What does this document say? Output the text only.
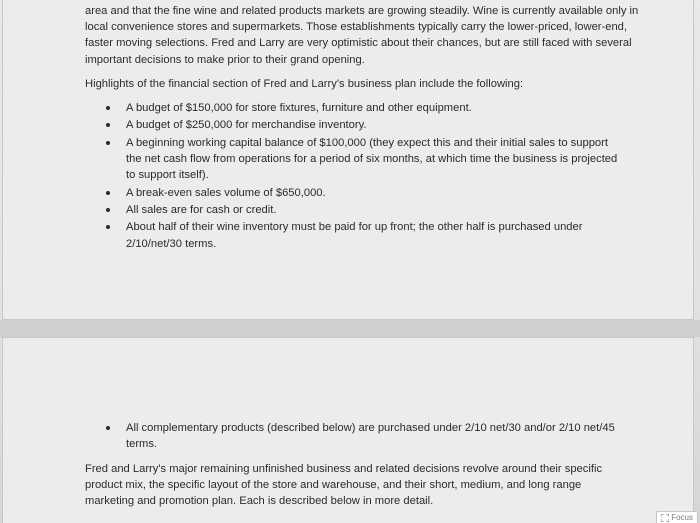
area and that the fine wine and related products markets are growing steadily. Wine is currently available only in local convenience stores and supermarkets. Those establishments typically carry the lower-priced, lower-end, faster moving selections. Fred and Larry are very optimistic about their chances, but are still faced with several important decisions to make prior to their grand opening.
Highlights of the financial section of Fred and Larry's business plan include the following:
A budget of $150,000 for store fixtures, furniture and other equipment.
A budget of $250,000 for merchandise inventory.
A beginning working capital balance of $100,000 (they expect this and their initial sales to support the net cash flow from operations for a period of six months, at which time the business is projected to support itself).
A break-even sales volume of $650,000.
All sales are for cash or credit.
About half of their wine inventory must be paid for up front; the other half is purchased under 2/10/net/30 terms.
All complementary products (described below) are purchased under 2/10 net/30 and/or 2/10 net/45 terms.
Fred and Larry's major remaining unfinished business and related decisions revolve around their specific product mix, the specific layout of the store and warehouse, and their short, medium, and long range marketing and promotion plan. Each is described below in more detail.
Focus
